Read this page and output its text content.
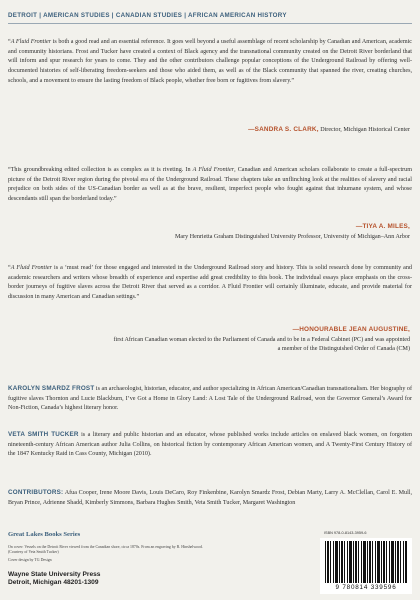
DETROIT | AMERICAN STUDIES | CANADIAN STUDIES | AFRICAN AMERICAN HISTORY
“A Fluid Frontier is both a good read and an essential reference. It goes well beyond a useful assemblage of recent scholarship by Canadian and American, academic and community historians. Frost and Tucker have created a context of Black agency and the transnational community created on the Detroit River borderland that will inform and spur research for years to come. They and the other contributors challenge popular conceptions of the Underground Railroad by offering well-documented histories of self-liberating freedom-seekers and those who aided them, as well as of the Black community that spanned the river, creating churches, schools, and a movement to ensure the lasting freedom of Black people, whether free born or fugitives from slavery.”
—SANDRA S. CLARK, Director, Michigan Historical Center
“This groundbreaking edited collection is as complex as it is riveting. In A Fluid Frontier, Canadian and American scholars collaborate to create a full-spectrum picture of the Detroit River region during the pivotal era of the Underground Railroad. These chapters take an unflinching look at the realities of slavery and racial prejudice on both sides of the US-Canadian border as well as at the brave, resilient, imperfect people who fought against that inhumane system, and whose descendants still span the borderland today.”
—TIYA A. MILES,
Mary Henrietta Graham Distinguished University Professor, University of Michigan–Ann Arbor
“A Fluid Frontier is a ‘must read’ for those engaged and interested in the Underground Railroad story and history. This is solid research done by community and academic researchers and writers whose breadth of experience and expertise add great credibility to this book. The individual essays place emphasis on the cross-border journeys of fugitive slaves across the Detroit River that served as a corridor. A Fluid Frontier will certainly illuminate, educate, and provide material for discussion in many American and Canadian settings.”
—HONOURABLE JEAN AUGUSTINE,
first African Canadian woman elected to the Parliament of Canada and to be in a Federal Cabinet (PC) and was appointed a member of the Distinguished Order of Canada (CM)
KAROLYN SMARDZ FROST is an archaeologist, historian, educator, and author specializing in African American/Canadian transnationalism. Her biography of fugitive slaves Thornton and Lucie Blackburn, I’ve Got a Home in Glory Land: A Lost Tale of the Underground Railroad, won the Governor General’s Award for Non-Fiction, Canada’s highest literary honor.
VETA SMITH TUCKER is a literary and public historian and an educator, whose published works include articles on enslaved black women, on forgotten nineteenth-century African American author Julia Collins, on historical fiction by contemporary African American women, and A Twenty-First Century History of the 1847 Kentucky Raid in Cass County, Michigan (2010).
CONTRIBUTORS: Afua Cooper, Irene Moore Davis, Louis DeCaro, Roy Finkenbine, Karolyn Smardz Frost, Debian Marty, Larry A. McClellan, Carol E. Mull, Bryan Prince, Adrienne Shadd, Kimberly Simmons, Barbara Hughes Smith, Veta Smith Tucker, Margaret Washington
Great Lakes Books Series
On cover: Vessels on the Detroit River viewed from the Canadian shore, circa 1870s. From an engraving by R. Hinshelwood. (Courtesy of Veta Smith Tucker)
Cover design by TG Design
Wayne State University Press
Detroit, Michigan 48201-1309
ISBN 978-0-8143-3959-6
9 780814 339596
